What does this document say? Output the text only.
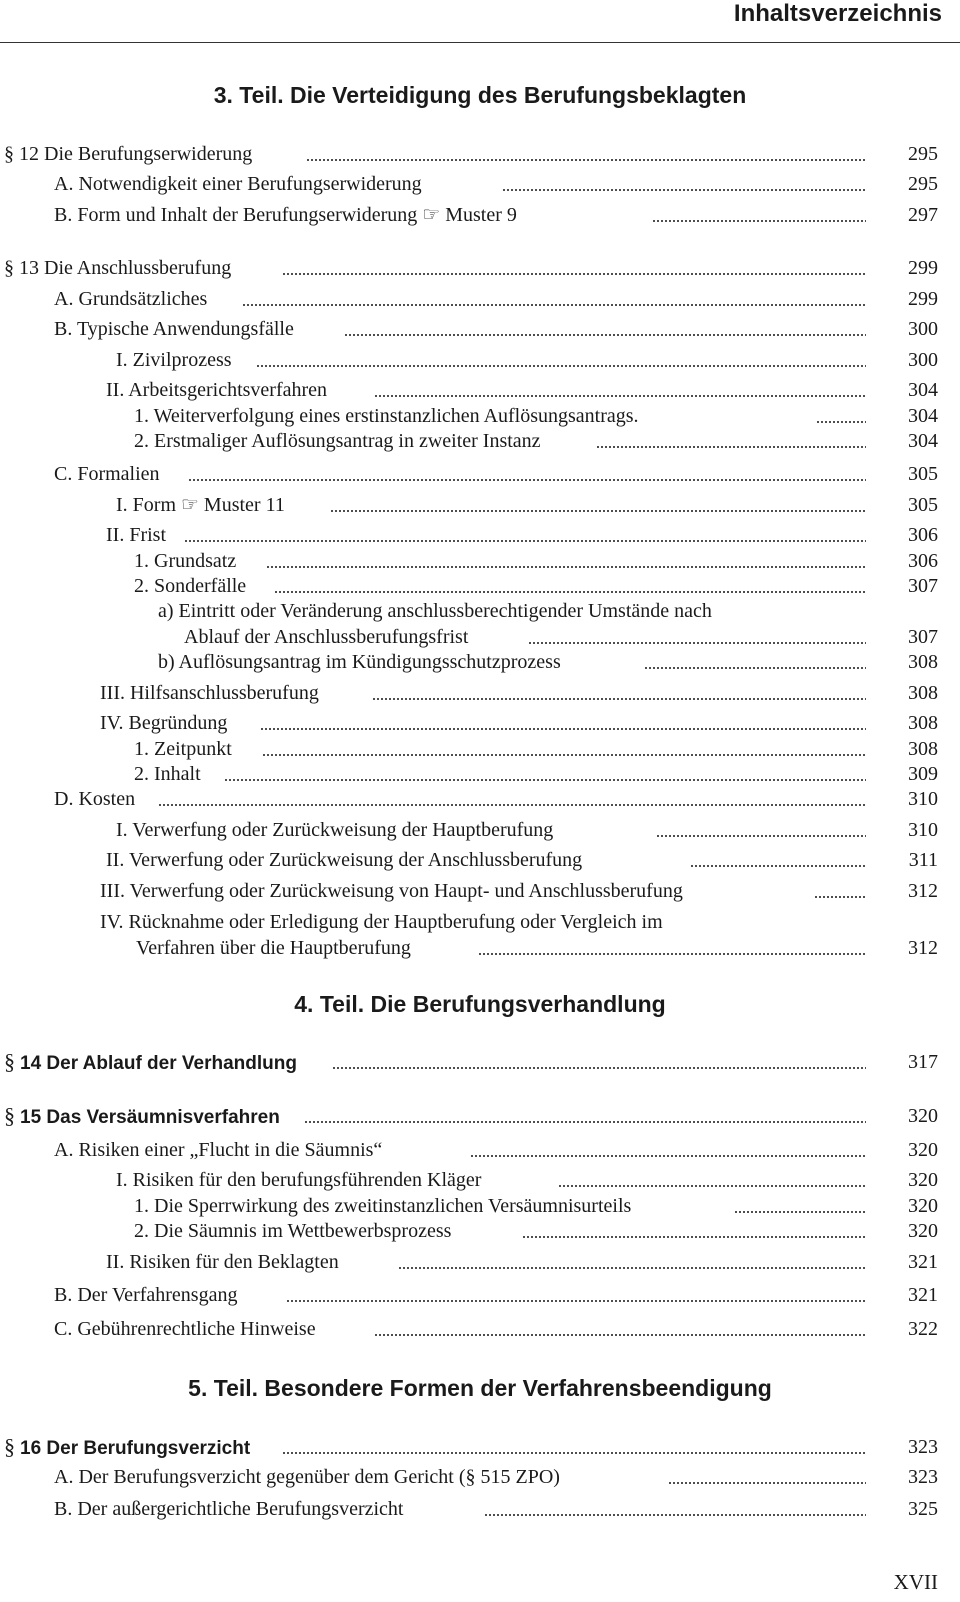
Inhaltsverzeichnis
3. Teil. Die Verteidigung des Berufungsbeklagten
§ 12 Die Berufungserwiderung	295
A. Notwendigkeit einer Berufungserwiderung	295
B. Form und Inhalt der Berufungserwiderung ☞ Muster 9	297
§ 13 Die Anschlussberufung	299
A. Grundsätzliches	299
B. Typische Anwendungsfälle	300
I. Zivilprozess	300
II. Arbeitsgerichtsverfahren	304
1. Weiterverfolgung eines erstinstanzlichen Auflösungsantrags.	304
2. Erstmaliger Auflösungsantrag in zweiter Instanz	304
C. Formalien	305
I. Form ☞ Muster 11	305
II. Frist	306
1. Grundsatz	306
2. Sonderfälle	307
a) Eintritt oder Veränderung anschlussberechtigender Umstände nach
Ablauf der Anschlussberufungsfrist	307
b) Auflösungsantrag im Kündigungsschutzprozess	308
III. Hilfsanschlussberufung	308
IV. Begründung	308
1. Zeitpunkt	308
2. Inhalt	309
D. Kosten	310
I. Verwerfung oder Zurückweisung der Hauptberufung	310
II. Verwerfung oder Zurückweisung der Anschlussberufung	311
III. Verwerfung oder Zurückweisung von Haupt- und Anschlussberufung	312
IV. Rücknahme oder Erledigung der Hauptberufung oder Vergleich im
Verfahren über die Hauptberufung	312
4. Teil. Die Berufungsverhandlung
§ 14 Der Ablauf der Verhandlung	317
§ 15 Das Versäumnisverfahren	320
A. Risiken einer „Flucht in die Säumnis“	320
I. Risiken für den berufungsführenden Kläger	320
1. Die Sperrwirkung des zweitinstanzlichen Versäumnisurteils	320
2. Die Säumnis im Wettbewerbsprozess	320
II. Risiken für den Beklagten	321
B. Der Verfahrensgang	321
C. Gebührenrechtliche Hinweise	322
5. Teil. Besondere Formen der Verfahrensbeendigung
§ 16 Der Berufungsverzicht	323
A. Der Berufungsverzicht gegenüber dem Gericht (§ 515 ZPO)	323
B. Der außergerichtliche Berufungsverzicht	325
XVII
